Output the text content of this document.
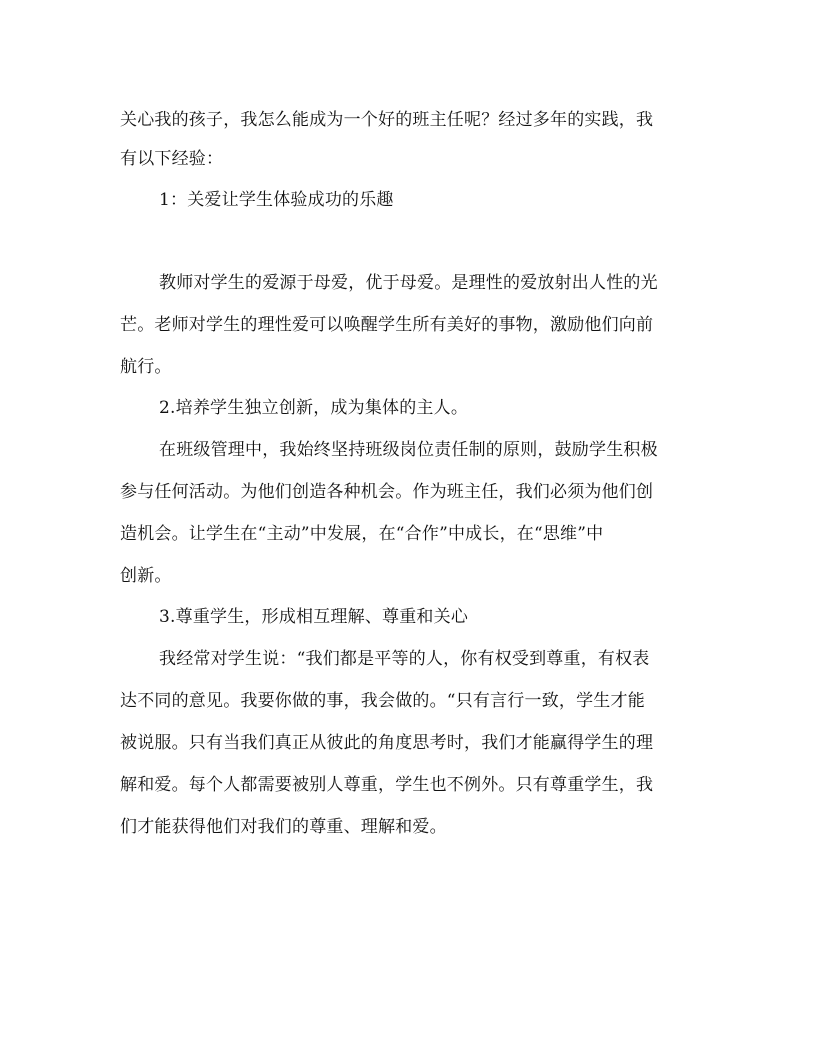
关心我的孩子，我怎么能成为一个好的班主任呢？经过多年的实践，我
有以下经验：
1：关爱让学生体验成功的乐趣
教师对学生的爱源于母爱，优于母爱。是理性的爱放射出人性的光
芒。老师对学生的理性爱可以唤醒学生所有美好的事物，激励他们向前
航行。
2.培养学生独立创新，成为集体的主人。
在班级管理中，我始终坚持班级岗位责任制的原则，鼓励学生积极
参与任何活动。为他们创造各种机会。作为班主任，我们必须为他们创
造机会。让学生在“主动”中发展，在“合作”中成长，在“思维”中
创新。
3.尊重学生，形成相互理解、尊重和关心
我经常对学生说：“我们都是平等的人，你有权受到尊重，有权表
达不同的意见。我要你做的事，我会做的。“只有言行一致，学生才能
被说服。只有当我们真正从彼此的角度思考时，我们才能赢得学生的理
解和爱。每个人都需要被别人尊重，学生也不例外。只有尊重学生，我
们才能获得他们对我们的尊重、理解和爱。
